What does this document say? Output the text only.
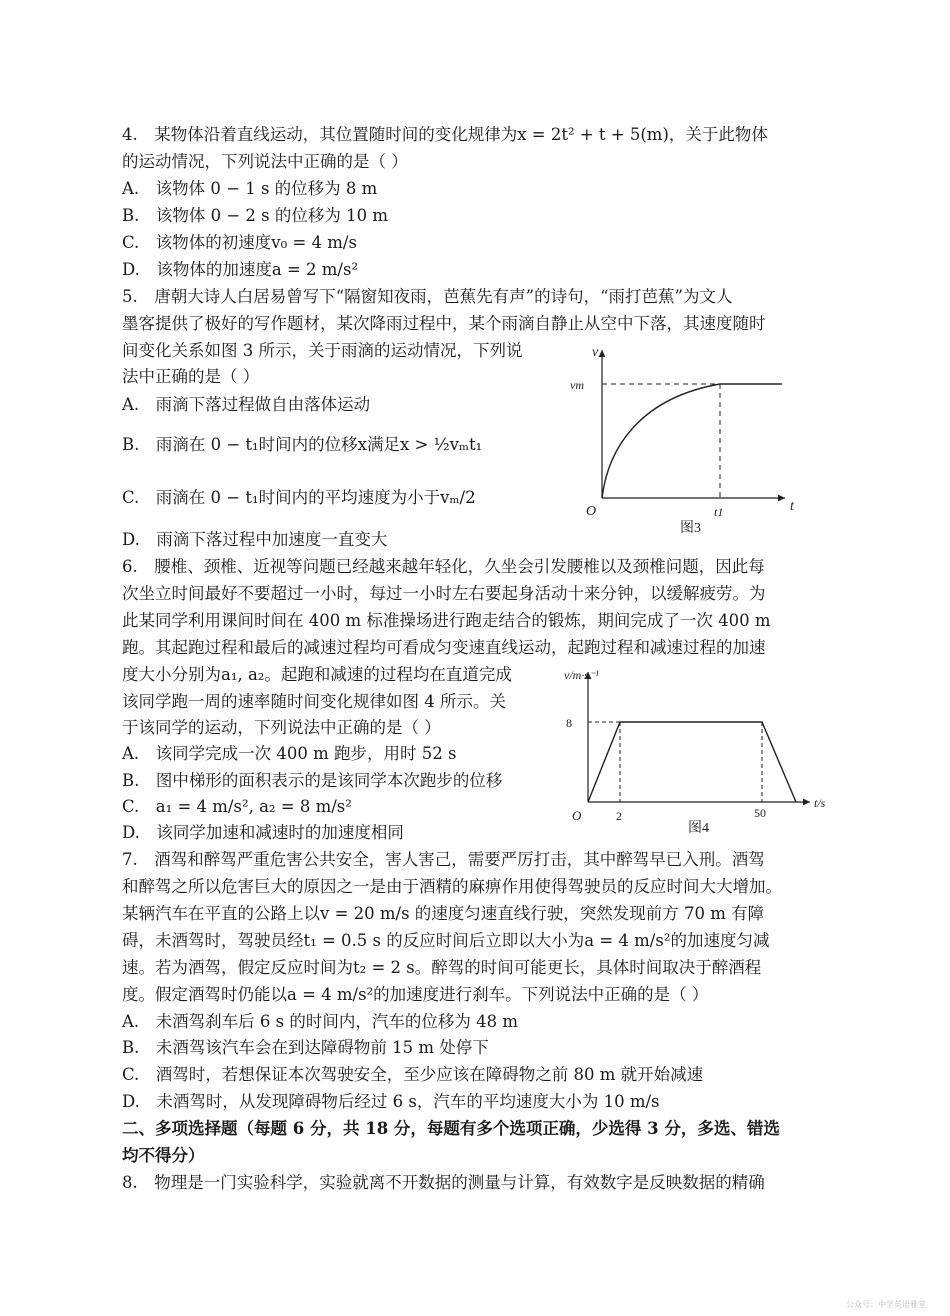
4.　某物体沿着直线运动，其位置随时间的变化规律为x = 2t² + t + 5(m)，关于此物体
的运动情况，下列说法中正确的是（ ）
A.　该物体 0 − 1 s 的位移为 8 m
B.　该物体 0 − 2 s 的位移为 10 m
C.　该物体的初速度v₀ = 4 m/s
D.　该物体的加速度a = 2 m/s²
5.　唐朝大诗人白居易曾写下“隔窗知夜雨，芭蕉先有声”的诗句，“雨打芭蕉”为文人
墨客提供了极好的写作题材，某次降雨过程中，某个雨滴自静止从空中下落，其速度随时
间变化关系如图 3 所示，关于雨滴的运动情况，下列说
法中正确的是（ ）
A.　雨滴下落过程做自由落体运动
B.　雨滴在 0 − t₁时间内的位移x满足x > ½vₘt₁
C.　雨滴在 0 − t₁时间内的平均速度为小于vₘ/2
D.　雨滴下落过程中加速度一直变大
v
vm
O	t1	t
图3
6.　腰椎、颈椎、近视等问题已经越来越年轻化，久坐会引发腰椎以及颈椎问题，因此每
次坐立时间最好不要超过一小时，每过一小时左右要起身活动十来分钟，以缓解疲劳。为
此某同学利用课间时间在 400 m 标准操场进行跑走结合的锻炼，期间完成了一次 400 m
跑。其起跑过程和最后的减速过程均可看成匀变速直线运动，起跑过程和减速过程的加速
度大小分别为a₁, a₂。起跑和减速的过程均在直道完成
该同学跑一周的速率随时间变化规律如图 4 所示。关
于该同学的运动，下列说法中正确的是（ ）
A.　该同学完成一次 400 m 跑步，用时 52 s
B.　图中梯形的面积表示的是该同学本次跑步的位移
C.　a₁ = 4 m/s², a₂ = 8 m/s²
D.　该同学加速和减速时的加速度相同
v/m·s⁻¹
8
O	2	50
t/s
图4
7.　酒驾和醉驾严重危害公共安全，害人害己，需要严厉打击，其中醉驾早已入刑。酒驾
和醉驾之所以危害巨大的原因之一是由于酒精的麻痹作用使得驾驶员的反应时间大大增加。
某辆汽车在平直的公路上以v = 20 m/s 的速度匀速直线行驶，突然发现前方 70 m 有障
碍，未酒驾时，驾驶员经t₁ = 0.5 s 的反应时间后立即以大小为a = 4 m/s²的加速度匀减
速。若为酒驾，假定反应时间为t₂ = 2 s。醉驾的时间可能更长，具体时间取决于醉酒程
度。假定酒驾时仍能以a = 4 m/s²的加速度进行刹车。下列说法中正确的是（ ）
A.　未酒驾刹车后 6 s 的时间内，汽车的位移为 48 m
B.　未酒驾该汽车会在到达障碍物前 15 m 处停下
C.　酒驾时，若想保证本次驾驶安全，至少应该在障碍物之前 80 m 就开始减速
D.　未酒驾时，从发现障碍物后经过 6 s，汽车的平均速度大小为 10 m/s
二、多项选择题（每题 6 分，共 18 分，每题有多个选项正确，少选得 3 分，多选、错选
均不得分）
8.　物理是一门实验科学，实验就离不开数据的测量与计算，有效数字是反映数据的精确
公众号：中学英语雅堂
